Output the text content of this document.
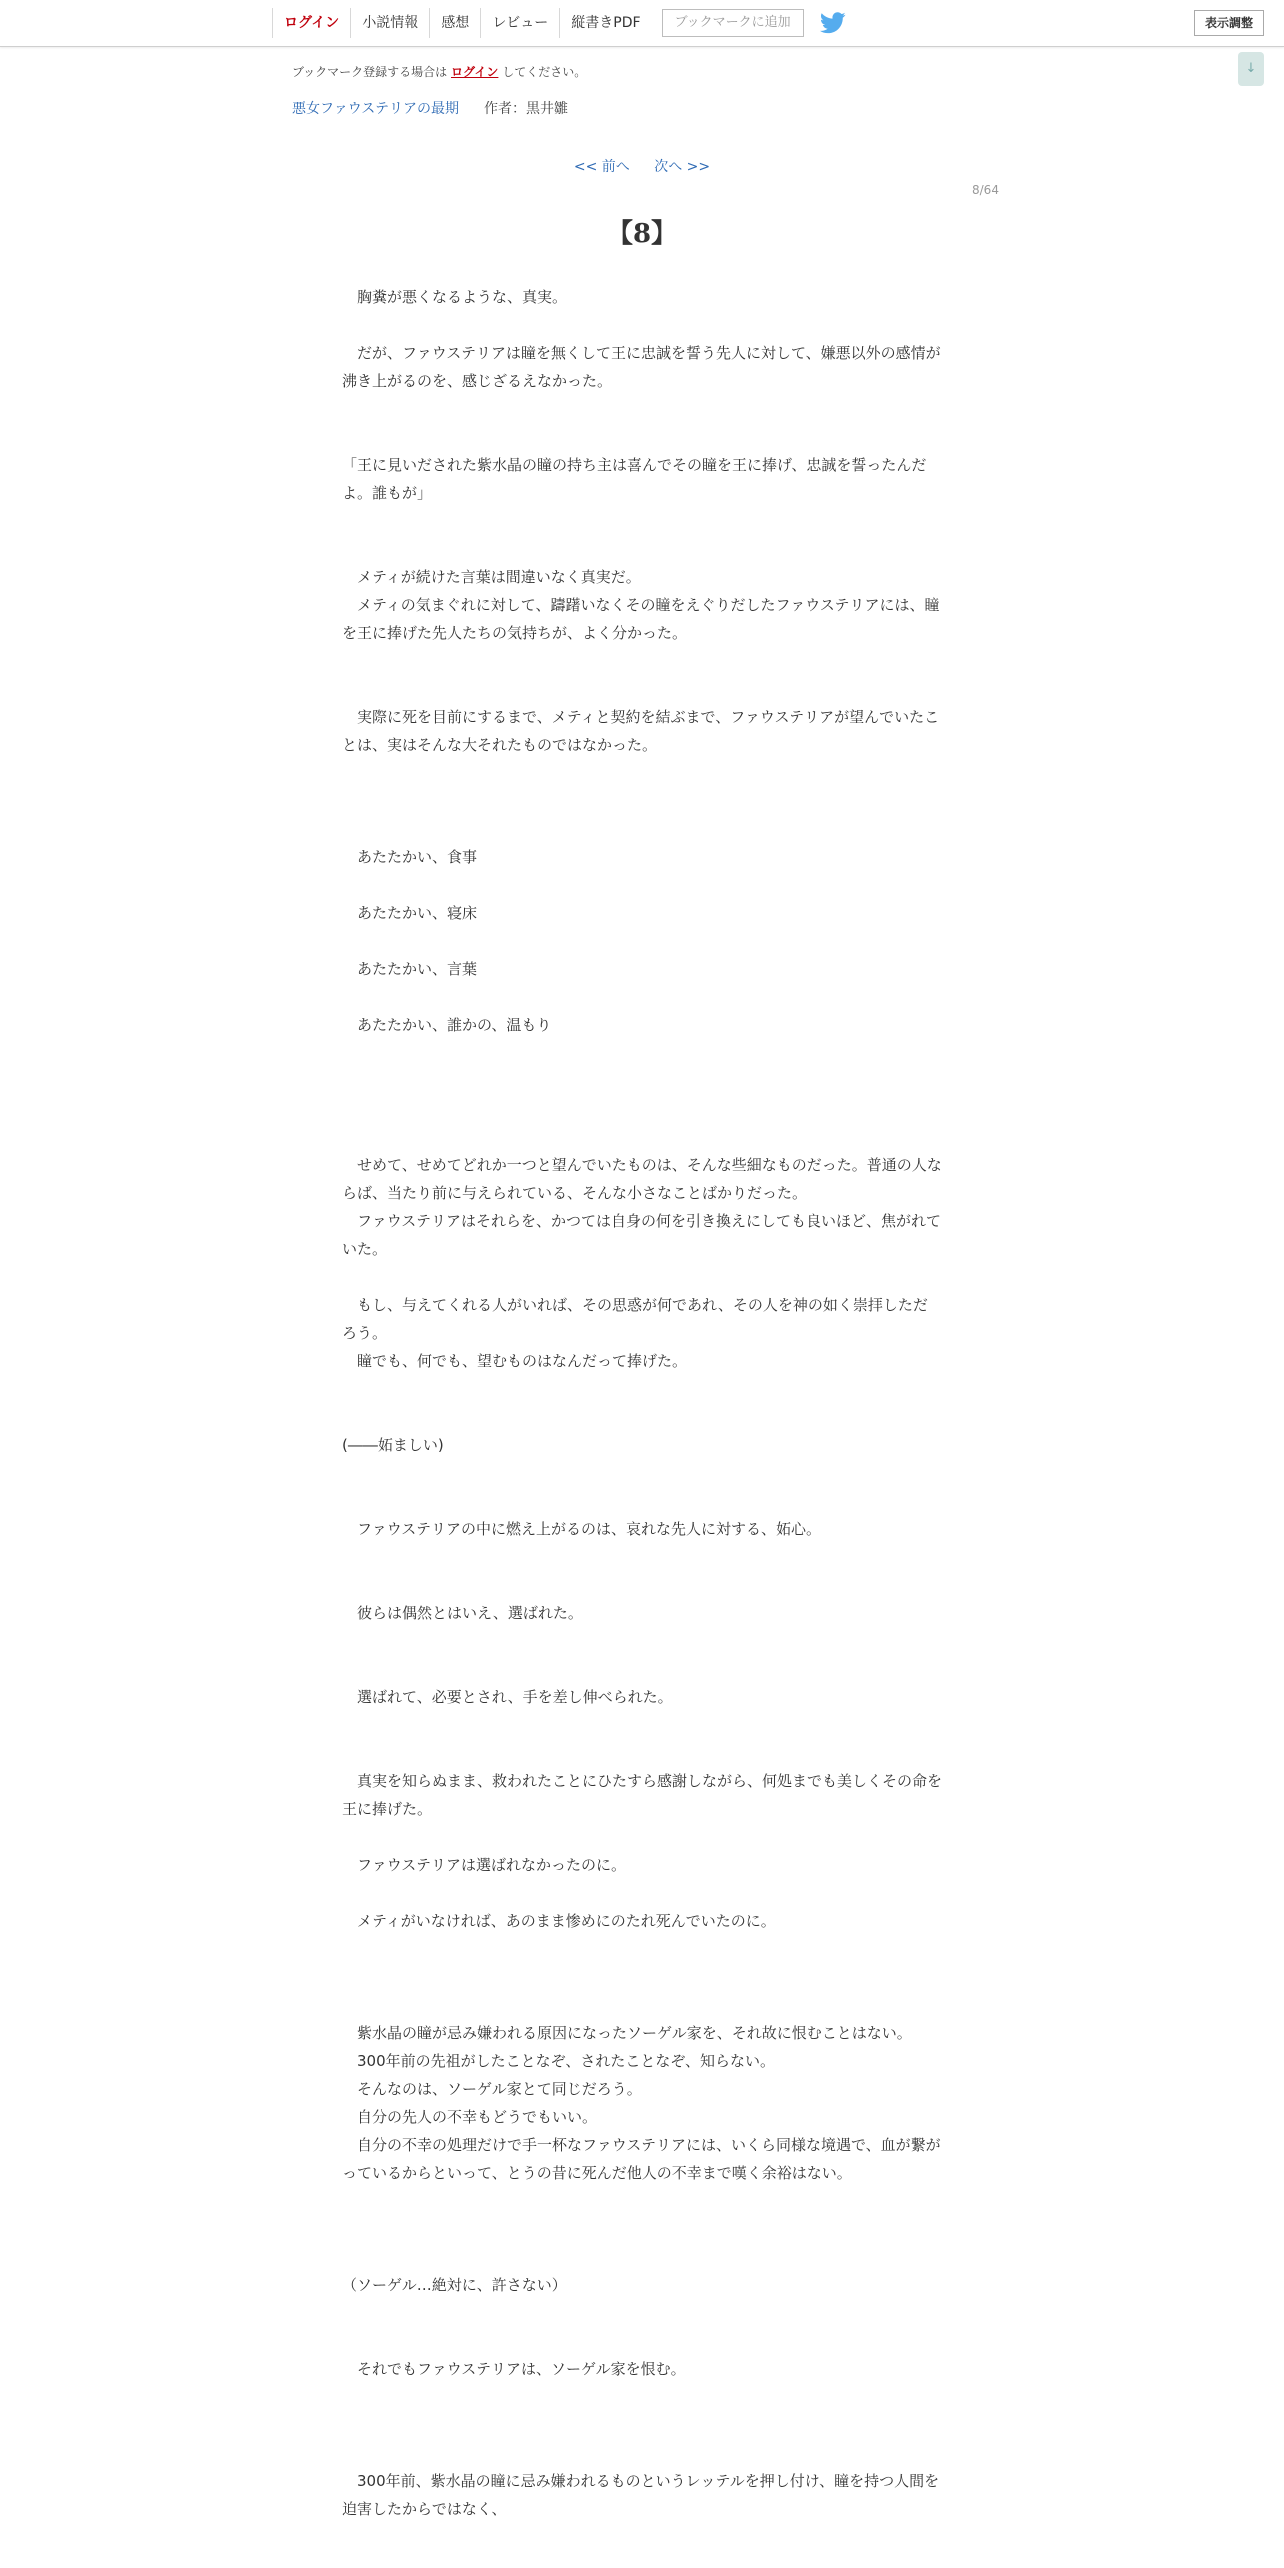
ログイン	小説情報	感想	レビュー	縦書きPDF	ブックマークに追加	表示調整
↓
ブックマーク登録する場合は ログイン してください。
悪女ファウステリアの最期 作者：黒井雛
<< 前へ 次へ >>
8/64
【8】

　胸糞が悪くなるような、真実。

　だが、ファウステリアは瞳を無くして王に忠誠を誓う先人に対して、嫌悪以外の感情が沸き上がるのを、感じざるえなかった。

「王に見いだされた紫水晶の瞳の持ち主は喜んでその瞳を王に捧げ、忠誠を誓ったんだよ。誰もが」

　メティが続けた言葉は間違いなく真実だ。
　メティの気まぐれに対して、躊躇いなくその瞳をえぐりだしたファウステリアには、瞳を王に捧げた先人たちの気持ちが、よく分かった。

　実際に死を目前にするまで、メティと契約を結ぶまで、ファウステリアが望んでいたことは、実はそんな大それたものではなかった。

　あたたかい、食事

　あたたかい、寝床

　あたたかい、言葉

　あたたかい、誰かの、温もり

　せめて、せめてどれか一つと望んでいたものは、そんな些細なものだった。普通の人ならば、当たり前に与えられている、そんな小さなことばかりだった。
　ファウステリアはそれらを、かつては自身の何を引き換えにしても良いほど、焦がれていた。

　もし、与えてくれる人がいれば、その思惑が何であれ、その人を神の如く崇拝しただろう。
　瞳でも、何でも、望むものはなんだって捧げた。

(――妬ましい)

　ファウステリアの中に燃え上がるのは、哀れな先人に対する、妬心。

　彼らは偶然とはいえ、選ばれた。

　選ばれて、必要とされ、手を差し伸べられた。

　真実を知らぬまま、救われたことにひたすら感謝しながら、何処までも美しくその命を王に捧げた。

　ファウステリアは選ばれなかったのに。

　メティがいなければ、あのまま惨めにのたれ死んでいたのに。

　紫水晶の瞳が忌み嫌われる原因になったソーゲル家を、それ故に恨むことはない。
　300年前の先祖がしたことなぞ、されたことなぞ、知らない。
　そんなのは、ソーゲル家とて同じだろう。
　自分の先人の不幸もどうでもいい。
　自分の不幸の処理だけで手一杯なファウステリアには、いくら同様な境遇で、血が繋がっているからといって、とうの昔に死んだ他人の不幸まで嘆く余裕はない。

（ソーゲル…絶対に、許さない）

　それでもファウステリアは、ソーゲル家を恨む。

　300年前、紫水晶の瞳に忌み嫌われるものというレッテルを押し付け、瞳を持つ人間を迫害したからではなく、
